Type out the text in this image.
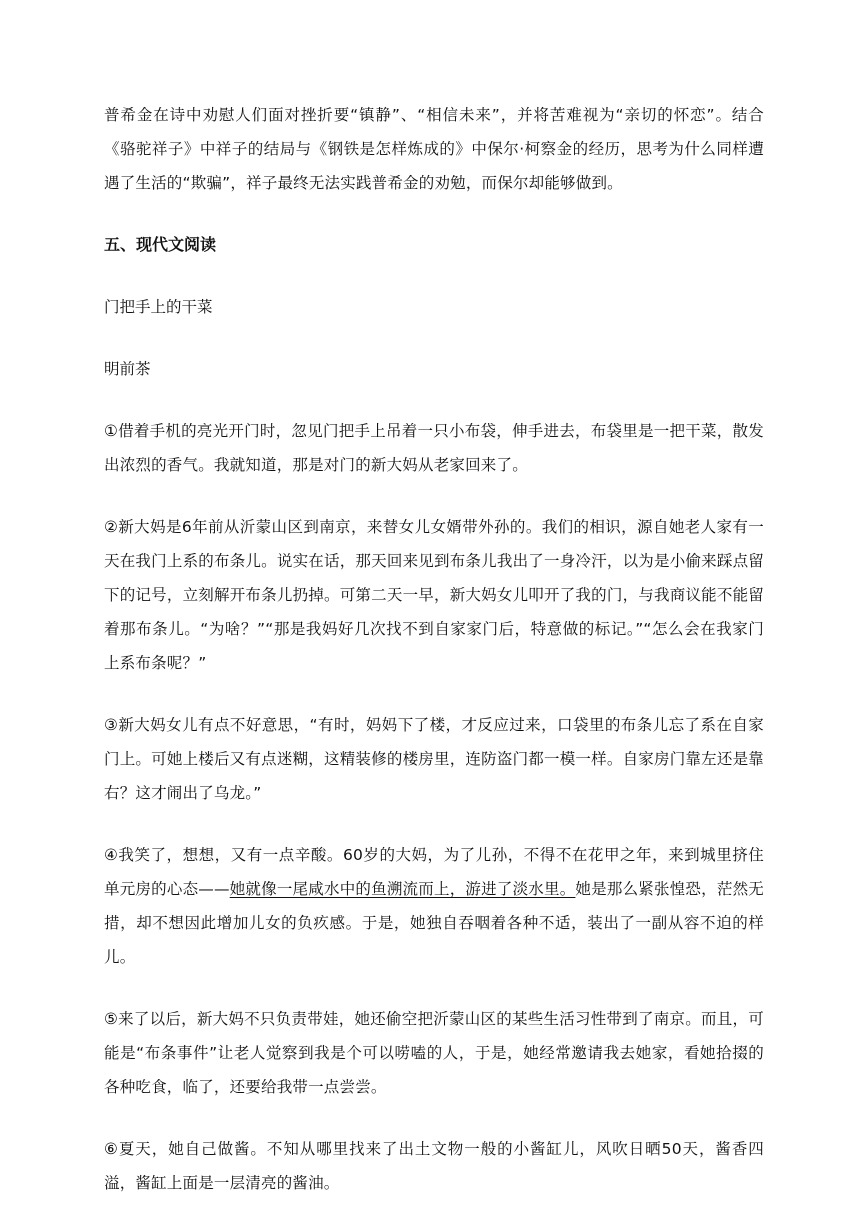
普希金在诗中劝慰人们面对挫折要“镇静”、“相信未来”，并将苦难视为“亲切的怀恋”。结合《骆驼祥子》中祥子的结局与《钢铁是怎样炼成的》中保尔·柯察金的经历，思考为什么同样遭遇了生活的“欺骗”，祥子最终无法实践普希金的劝勉，而保尔却能够做到。

五、现代文阅读

门把手上的干菜

明前茶

①借着手机的亮光开门时，忽见门把手上吊着一只小布袋，伸手进去，布袋里是一把干菜，散发出浓烈的香气。我就知道，那是对门的新大妈从老家回来了。

②新大妈是6年前从沂蒙山区到南京，来替女儿女婿带外孙的。我们的相识，源自她老人家有一天在我门上系的布条儿。说实在话，那天回来见到布条儿我出了一身冷汗，以为是小偷来踩点留下的记号，立刻解开布条儿扔掉。可第二天一早，新大妈女儿叩开了我的门，与我商议能不能留着那布条儿。“为啥？”“那是我妈好几次找不到自家家门后，特意做的标记。”“怎么会在我家门上系布条呢？”

③新大妈女儿有点不好意思，“有时，妈妈下了楼，才反应过来，口袋里的布条儿忘了系在自家门上。可她上楼后又有点迷糊，这精装修的楼房里，连防盗门都一模一样。自家房门靠左还是靠右？这才闹出了乌龙。”

④我笑了，想想，又有一点辛酸。60岁的大妈，为了儿孙，不得不在花甲之年，来到城里挤住单元房的心态——她就像一尾咸水中的鱼溯流而上，游进了淡水里。她是那么紧张惶恐，茫然无措，却不想因此增加儿女的负疚感。于是，她独自吞咽着各种不适，装出了一副从容不迫的样儿。

⑤来了以后，新大妈不只负责带娃，她还偷空把沂蒙山区的某些生活习性带到了南京。而且，可能是“布条事件”让老人觉察到我是个可以唠嗑的人，于是，她经常邀请我去她家，看她拾掇的各种吃食，临了，还要给我带一点尝尝。

⑥夏天，她自己做酱。不知从哪里找来了出土文物一般的小酱缸儿，风吹日晒50天，酱香四溢，酱缸上面是一层清亮的酱油。
